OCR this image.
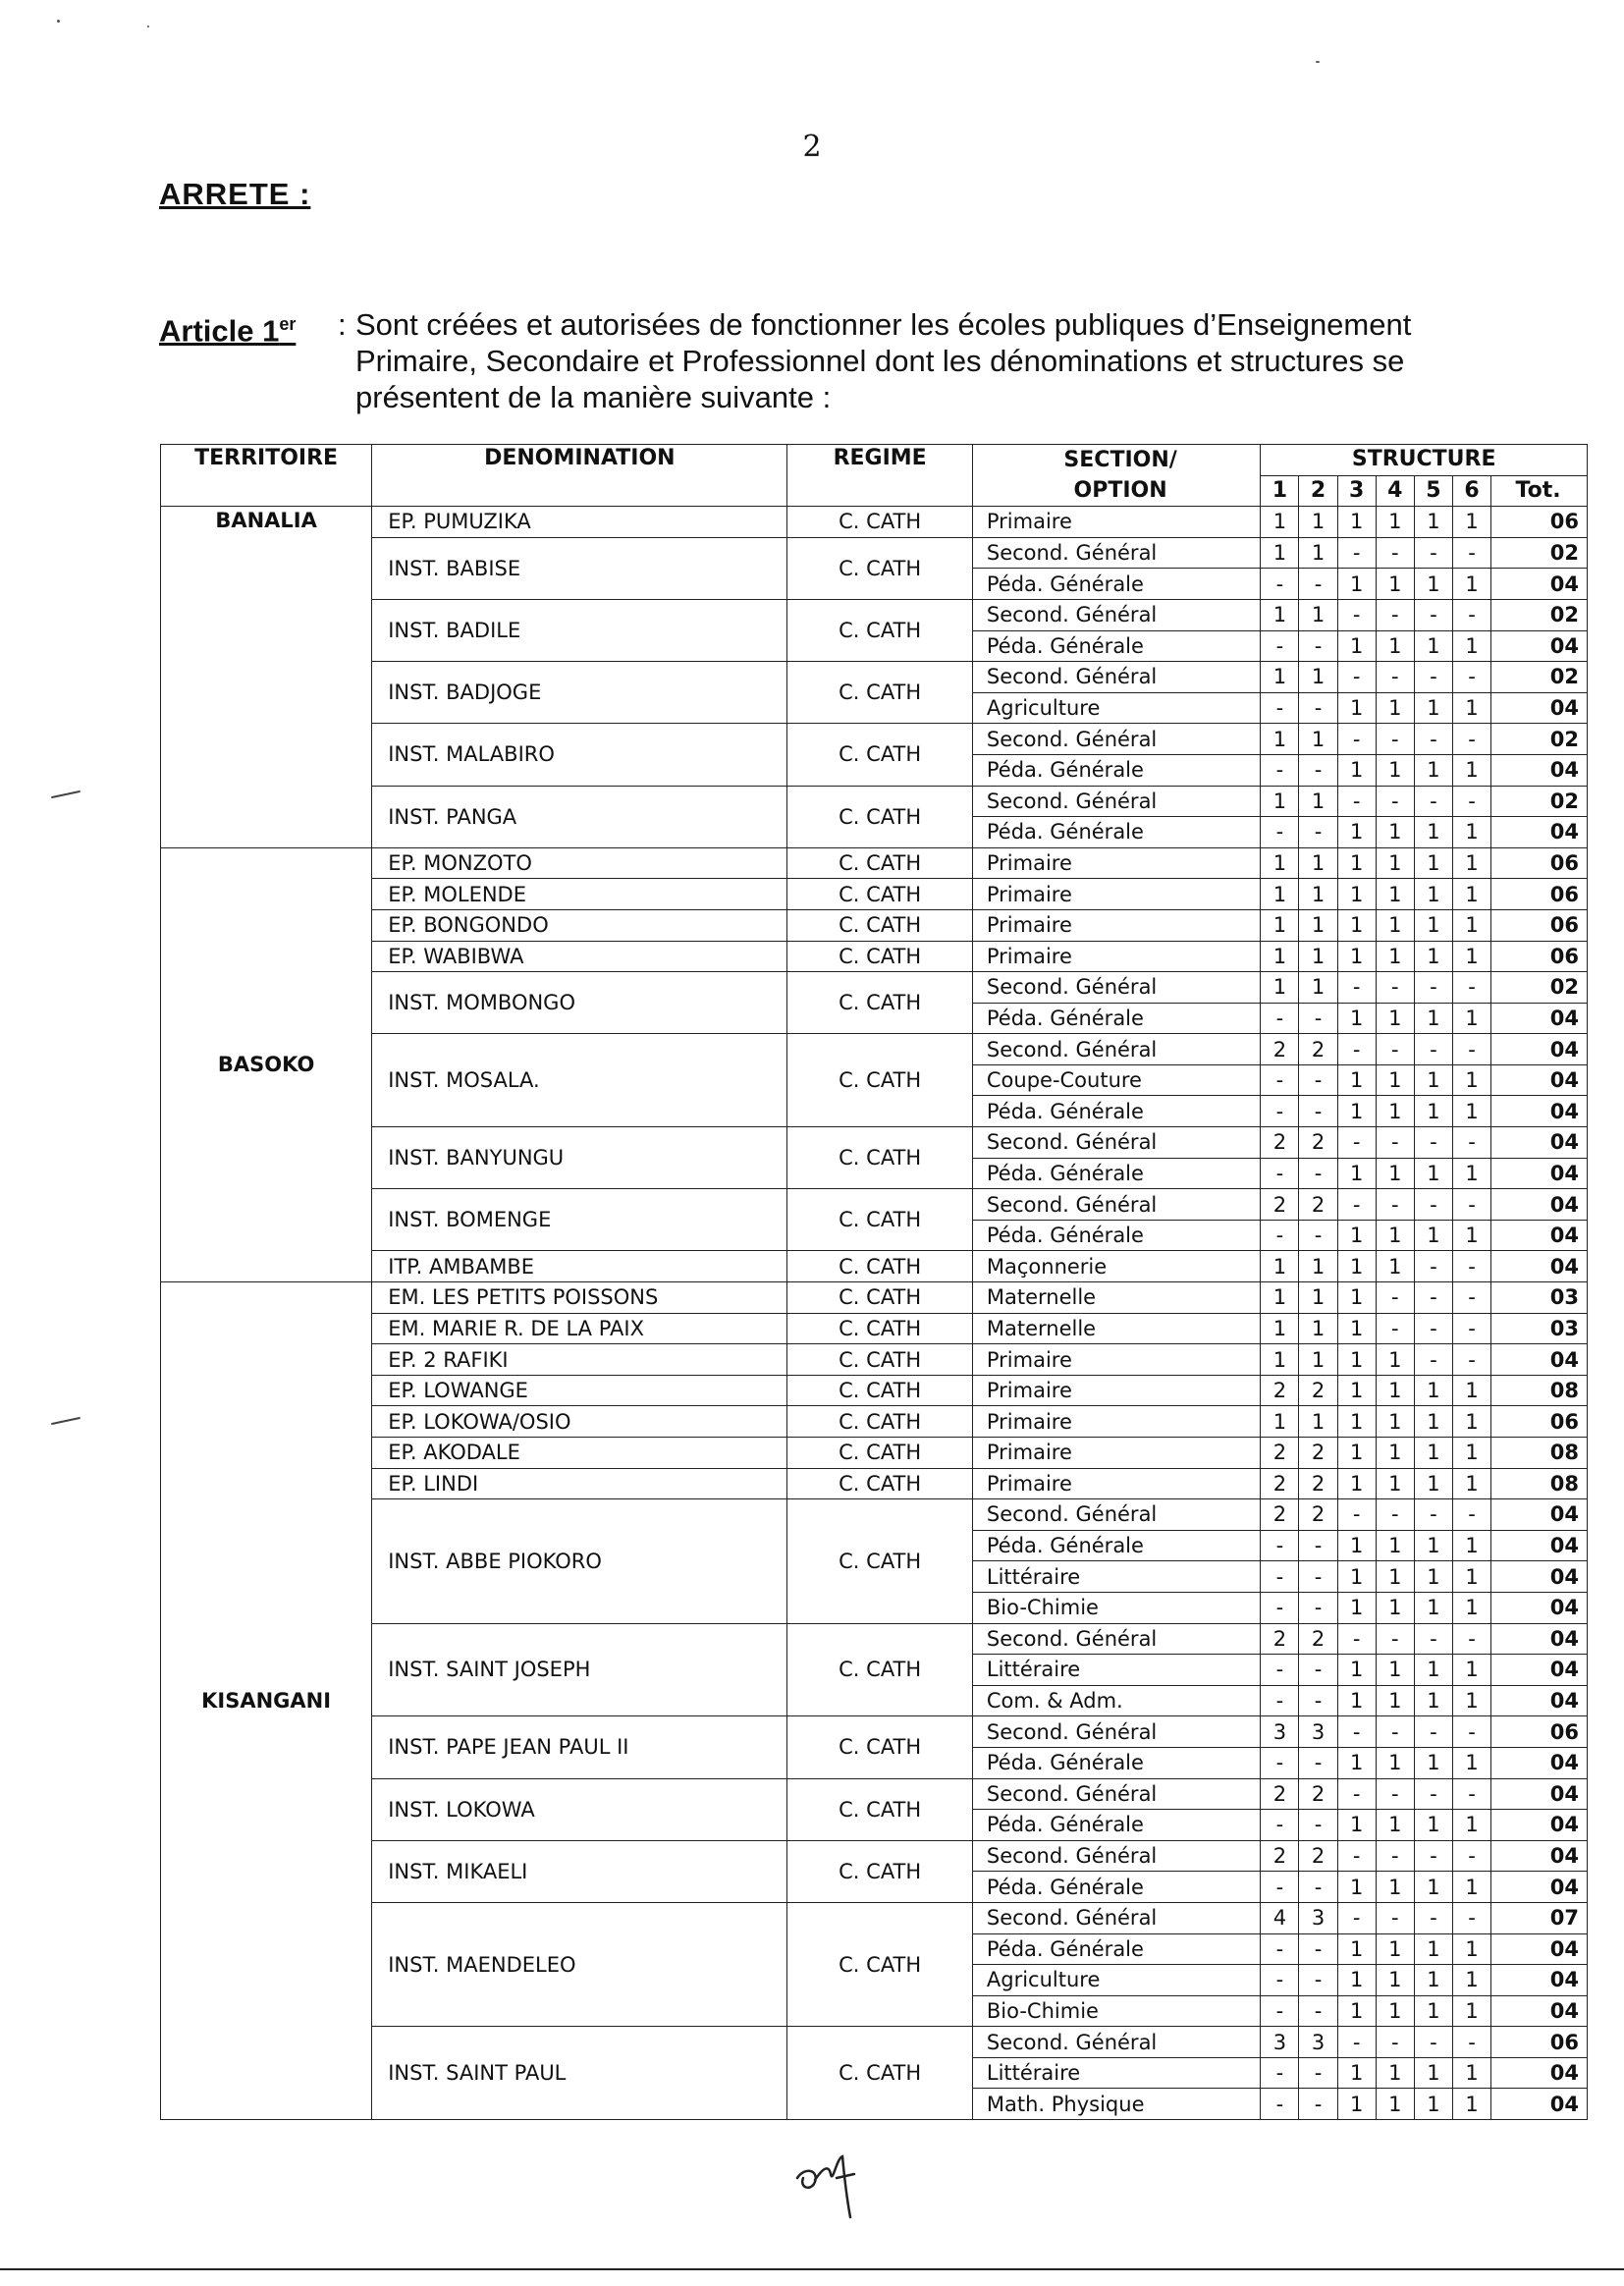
2
ARRETE :
Article 1er : Sont créées et autorisées de fonctionner les écoles publiques d’Enseignement Primaire, Secondaire et Professionnel dont les dénominations et structures se présentent de la manière suivante :
TERRITOIRE	DENOMINATION	REGIME	SECTION/	STRUCTURE						
			OPTION	1	2	3	4	5	6	Tot.
BANALIA	EP. PUMUZIKA	C. CATH	Primaire	1	1	1	1	1	1	06
	INST. BABISE	C. CATH	Second. Général	1	1	-	-	-	-	02
			Péda. Générale	-	-	1	1	1	1	04
	INST. BADILE	C. CATH	Second. Général	1	1	-	-	-	-	02
			Péda. Générale	-	-	1	1	1	1	04
	INST. BADJOGE	C. CATH	Second. Général	1	1	-	-	-	-	02
			Agriculture	-	-	1	1	1	1	04
	INST. MALABIRO	C. CATH	Second. Général	1	1	-	-	-	-	02
			Péda. Générale	-	-	1	1	1	1	04
	INST. PANGA	C. CATH	Second. Général	1	1	-	-	-	-	02
			Péda. Générale	-	-	1	1	1	1	04
BASOKO	EP. MONZOTO	C. CATH	Primaire	1	1	1	1	1	1	06
	EP. MOLENDE	C. CATH	Primaire	1	1	1	1	1	1	06
	EP. BONGONDO	C. CATH	Primaire	1	1	1	1	1	1	06
	EP. WABIBWA	C. CATH	Primaire	1	1	1	1	1	1	06
	INST. MOMBONGO	C. CATH	Second. Général	1	1	-	-	-	-	02
			Péda. Générale	-	-	1	1	1	1	04
	INST. MOSALA.	C. CATH	Second. Général	2	2	-	-	-	-	04
			Coupe-Couture	-	-	1	1	1	1	04
			Péda. Générale	-	-	1	1	1	1	04
	INST. BANYUNGU	C. CATH	Second. Général	2	2	-	-	-	-	04
			Péda. Générale	-	-	1	1	1	1	04
	INST. BOMENGE	C. CATH	Second. Général	2	2	-	-	-	-	04
			Péda. Générale	-	-	1	1	1	1	04
	ITP. AMBAMBE	C. CATH	Maçonnerie	1	1	1	1	-	-	04
KISANGANI	EM. LES PETITS POISSONS	C. CATH	Maternelle	1	1	1	-	-	-	03
	EM. MARIE R. DE LA PAIX	C. CATH	Maternelle	1	1	1	-	-	-	03
	EP. 2 RAFIKI	C. CATH	Primaire	1	1	1	1	-	-	04
	EP. LOWANGE	C. CATH	Primaire	2	2	1	1	1	1	08
	EP. LOKOWA/OSIO	C. CATH	Primaire	1	1	1	1	1	1	06
	EP. AKODALE	C. CATH	Primaire	2	2	1	1	1	1	08
	EP. LINDI	C. CATH	Primaire	2	2	1	1	1	1	08
	INST. ABBE PIOKORO	C. CATH	Second. Général	2	2	-	-	-	-	04
			Péda. Générale	-	-	1	1	1	1	04
			Littéraire	-	-	1	1	1	1	04
			Bio-Chimie	-	-	1	1	1	1	04
	INST. SAINT JOSEPH	C. CATH	Second. Général	2	2	-	-	-	-	04
			Littéraire	-	-	1	1	1	1	04
			Com. & Adm.	-	-	1	1	1	1	04
	INST. PAPE JEAN PAUL II	C. CATH	Second. Général	3	3	-	-	-	-	06
			Péda. Générale	-	-	1	1	1	1	04
	INST. LOKOWA	C. CATH	Second. Général	2	2	-	-	-	-	04
			Péda. Générale	-	-	1	1	1	1	04
	INST. MIKAELI	C. CATH	Second. Général	2	2	-	-	-	-	04
			Péda. Générale	-	-	1	1	1	1	04
	INST. MAENDELEO	C. CATH	Second. Général	4	3	-	-	-	-	07
			Péda. Générale	-	-	1	1	1	1	04
			Agriculture	-	-	1	1	1	1	04
			Bio-Chimie	-	-	1	1	1	1	04
	INST. SAINT PAUL	C. CATH	Second. Général	3	3	-	-	-	-	06
			Littéraire	-	-	1	1	1	1	04
			Math. Physique	-	-	1	1	1	1	04
